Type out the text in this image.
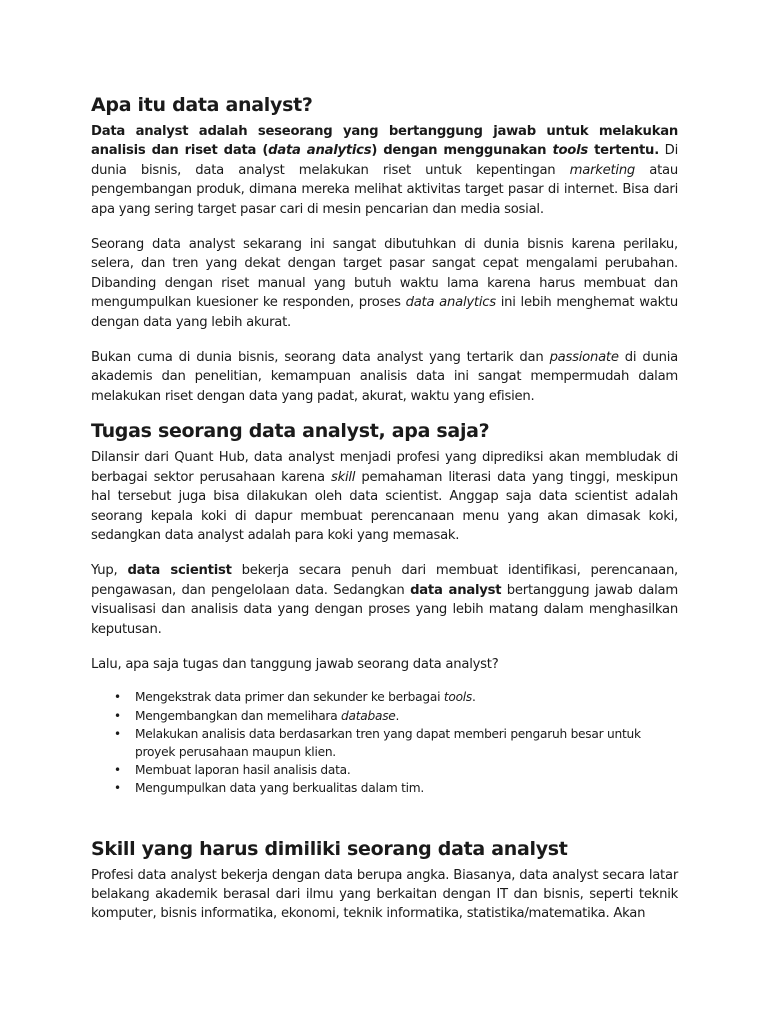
Apa itu data analyst?

Data analyst adalah seseorang yang bertanggung jawab untuk melakukan analisis dan riset data (data analytics) dengan menggunakan tools tertentu. Di dunia bisnis, data analyst melakukan riset untuk kepentingan marketing atau pengembangan produk, dimana mereka melihat aktivitas target pasar di internet. Bisa dari apa yang sering target pasar cari di mesin pencarian dan media sosial.

Seorang data analyst sekarang ini sangat dibutuhkan di dunia bisnis karena perilaku, selera, dan tren yang dekat dengan target pasar sangat cepat mengalami perubahan. Dibanding dengan riset manual yang butuh waktu lama karena harus membuat dan mengumpulkan kuesioner ke responden, proses data analytics ini lebih menghemat waktu dengan data yang lebih akurat.

Bukan cuma di dunia bisnis, seorang data analyst yang tertarik dan passionate di dunia akademis dan penelitian, kemampuan analisis data ini sangat mempermudah dalam melakukan riset dengan data yang padat, akurat, waktu yang efisien.

Tugas seorang data analyst, apa saja?

Dilansir dari Quant Hub, data analyst menjadi profesi yang diprediksi akan membludak di berbagai sektor perusahaan karena skill pemahaman literasi data yang tinggi, meskipun hal tersebut juga bisa dilakukan oleh data scientist. Anggap saja data scientist adalah seorang kepala koki di dapur membuat perencanaan menu yang akan dimasak koki, sedangkan data analyst adalah para koki yang memasak.

Yup, data scientist bekerja secara penuh dari membuat identifikasi, perencanaan, pengawasan, dan pengelolaan data. Sedangkan data analyst bertanggung jawab dalam visualisasi dan analisis data yang dengan proses yang lebih matang dalam menghasilkan keputusan.

Lalu, apa saja tugas dan tanggung jawab seorang data analyst?

• Mengekstrak data primer dan sekunder ke berbagai tools.
• Mengembangkan dan memelihara database.
• Melakukan analisis data berdasarkan tren yang dapat memberi pengaruh besar untuk proyek perusahaan maupun klien.
• Membuat laporan hasil analisis data.
• Mengumpulkan data yang berkualitas dalam tim.
Skill yang harus dimiliki seorang data analyst

Profesi data analyst bekerja dengan data berupa angka. Biasanya, data analyst secara latar belakang akademik berasal dari ilmu yang berkaitan dengan IT dan bisnis, seperti teknik komputer, bisnis informatika, ekonomi, teknik informatika, statistika/matematika. Akan
